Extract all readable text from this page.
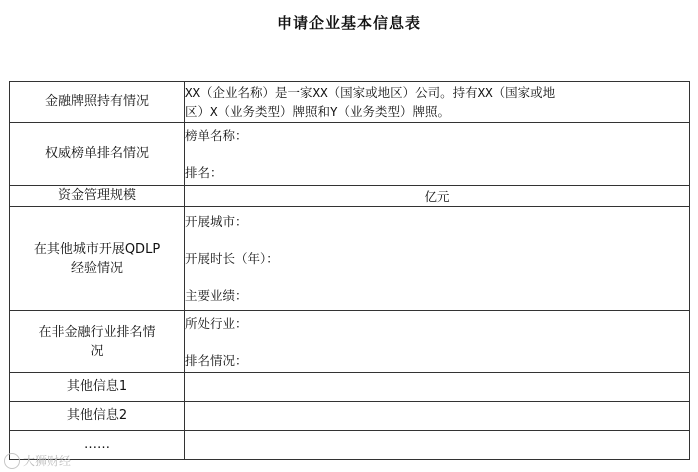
申请企业基本信息表
金融牌照持有情况	XX（企业名称）是一家XX（国家或地区）公司。持有XX（国家或地
区）X（业务类型）牌照和Y（业务类型）牌照。

权威榜单排名情况	榜单名称：
排名：

资金管理规模	亿元

在其他城市开展QDLP
经验情况	开展城市：
开展时长（年）：
主要业绩：

在非金融行业排名情
况	所处行业：
排名情况：

其他信息1	
其他信息2	
……	
大狮财经
